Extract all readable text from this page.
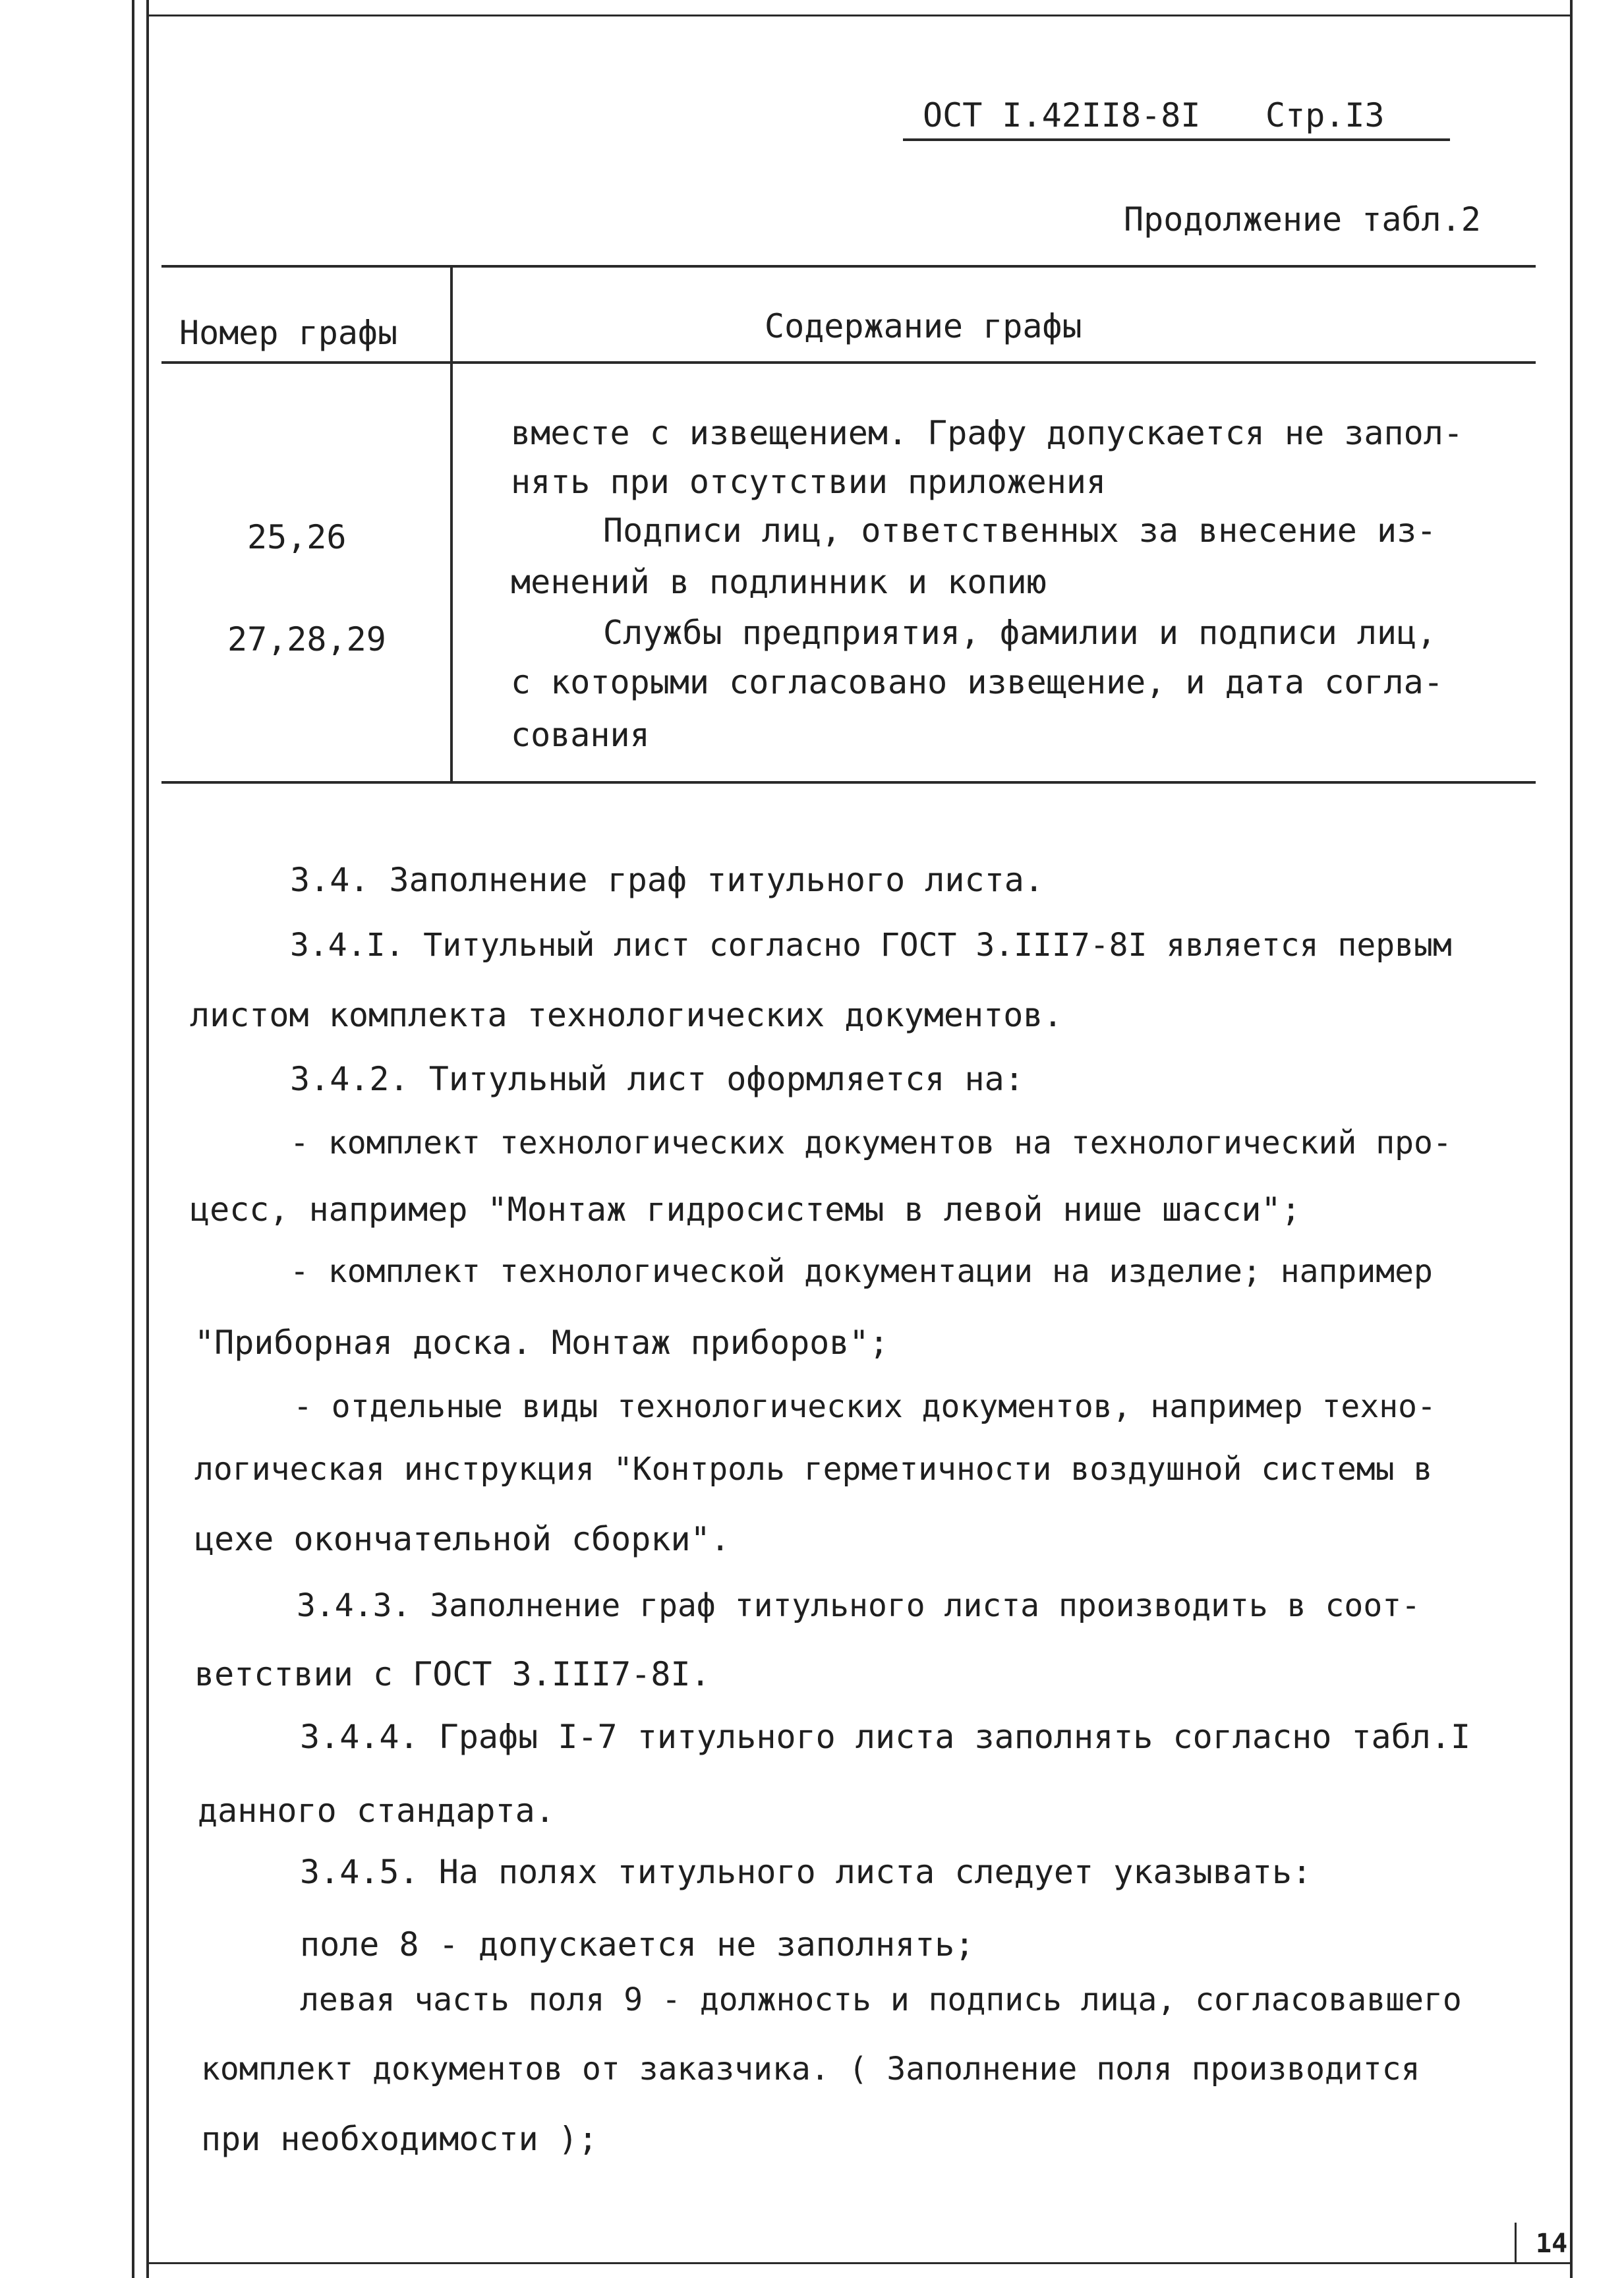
14
ОСТ I.42II8-8I Стр.I3
Продолжение табл.2
Номер графы	Содержание графы
25,26
27,28,29
вместе с извещением. Графу допускается не запол-
нять при отсутствии приложения
Подписи лиц, ответственных за внесение из-
менений в подлинник и копию
Службы предприятия, фамилии и подписи лиц,
с которыми согласовано извещение, и дата согла-
сования
3.4. Заполнение граф титульного листа.
3.4.I. Титульный лист согласно ГОСТ 3.III7-8I является первым
листом комплекта технологических документов.
3.4.2. Титульный лист оформляется на:
- комплект технологических документов на технологический про-
цесс, например "Монтаж гидросистемы в левой нише шасси";
- комплект технологической документации на изделие; например
"Приборная доска. Монтаж приборов";
- отдельные виды технологических документов, например техно-
логическая инструкция "Контроль герметичности воздушной системы в
цехе окончательной сборки".
3.4.3. Заполнение граф титульного листа производить в соот-
ветствии с ГОСТ 3.III7-8I.
3.4.4. Графы I-7 титульного листа заполнять согласно табл.I
данного стандарта.
3.4.5. На полях титульного листа следует указывать:
поле 8 - допускается не заполнять;
левая часть поля 9 - должность и подпись лица, согласовавшего
комплект документов от заказчика. ( Заполнение поля производится
при необходимости );
